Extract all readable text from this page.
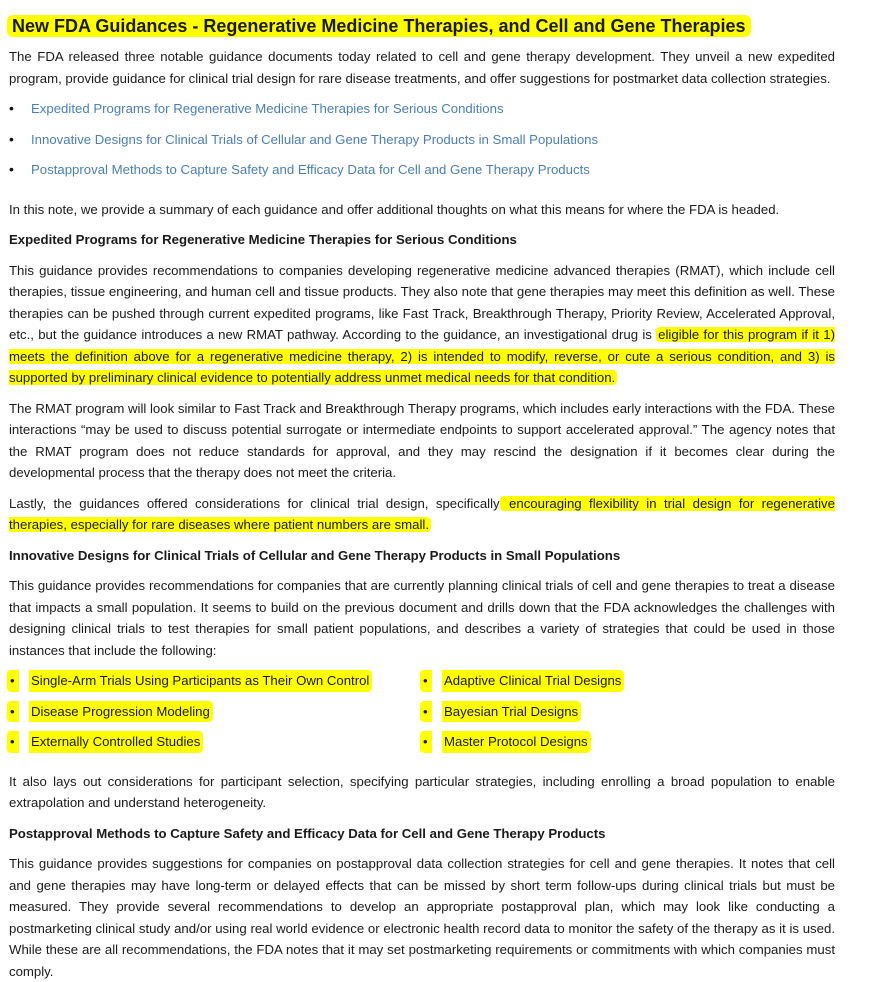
New FDA Guidances - Regenerative Medicine Therapies, and Cell and Gene Therapies

The FDA released three notable guidance documents today related to cell and gene therapy development. They unveil a new expedited program, provide guidance for clinical trial design for rare disease treatments, and offer suggestions for postmarket data collection strategies.

• Expedited Programs for Regenerative Medicine Therapies for Serious Conditions
• Innovative Designs for Clinical Trials of Cellular and Gene Therapy Products in Small Populations
• Postapproval Methods to Capture Safety and Efficacy Data for Cell and Gene Therapy Products

In this note, we provide a summary of each guidance and offer additional thoughts on what this means for where the FDA is headed.

Expedited Programs for Regenerative Medicine Therapies for Serious Conditions

This guidance provides recommendations to companies developing regenerative medicine advanced therapies (RMAT), which include cell therapies, tissue engineering, and human cell and tissue products. They also note that gene therapies may meet this definition as well. These therapies can be pushed through current expedited programs, like Fast Track, Breakthrough Therapy, Priority Review, Accelerated Approval, etc., but the guidance introduces a new RMAT pathway. According to the guidance, an investigational drug is eligible for this program if it 1) meets the definition above for a regenerative medicine therapy, 2) is intended to modify, reverse, or cute a serious condition, and 3) is supported by preliminary clinical evidence to potentially address unmet medical needs for that condition.

The RMAT program will look similar to Fast Track and Breakthrough Therapy programs, which includes early interactions with the FDA. These interactions “may be used to discuss potential surrogate or intermediate endpoints to support accelerated approval.” The agency notes that the RMAT program does not reduce standards for approval, and they may rescind the designation if it becomes clear during the developmental process that the therapy does not meet the criteria.

Lastly, the guidances offered considerations for clinical trial design, specifically encouraging flexibility in trial design for regenerative therapies, especially for rare diseases where patient numbers are small.

Innovative Designs for Clinical Trials of Cellular and Gene Therapy Products in Small Populations

This guidance provides recommendations for companies that are currently planning clinical trials of cell and gene therapies to treat a disease that impacts a small population. It seems to build on the previous document and drills down that the FDA acknowledges the challenges with designing clinical trials to test therapies for small patient populations, and describes a variety of strategies that could be used in those instances that include the following:

•	Single-Arm Trials Using Participants as Their Own Control
•	Disease Progression Modeling
•	Externally Controlled Studies
•	Adaptive Clinical Trial Designs
•	Bayesian Trial Designs
•	Master Protocol Designs

It also lays out considerations for participant selection, specifying particular strategies, including enrolling a broad population to enable extrapolation and understand heterogeneity.

Postapproval Methods to Capture Safety and Efficacy Data for Cell and Gene Therapy Products

This guidance provides suggestions for companies on postapproval data collection strategies for cell and gene therapies. It notes that cell and gene therapies may have long-term or delayed effects that can be missed by short term follow-ups during clinical trials but must be measured. They provide several recommendations to develop an appropriate postapproval plan, which may look like conducting a postmarketing clinical study and/or using real world evidence or electronic health record data to monitor the safety of the therapy as it is used. While these are all recommendations, the FDA notes that it may set postmarketing requirements or commitments with which companies must comply.
